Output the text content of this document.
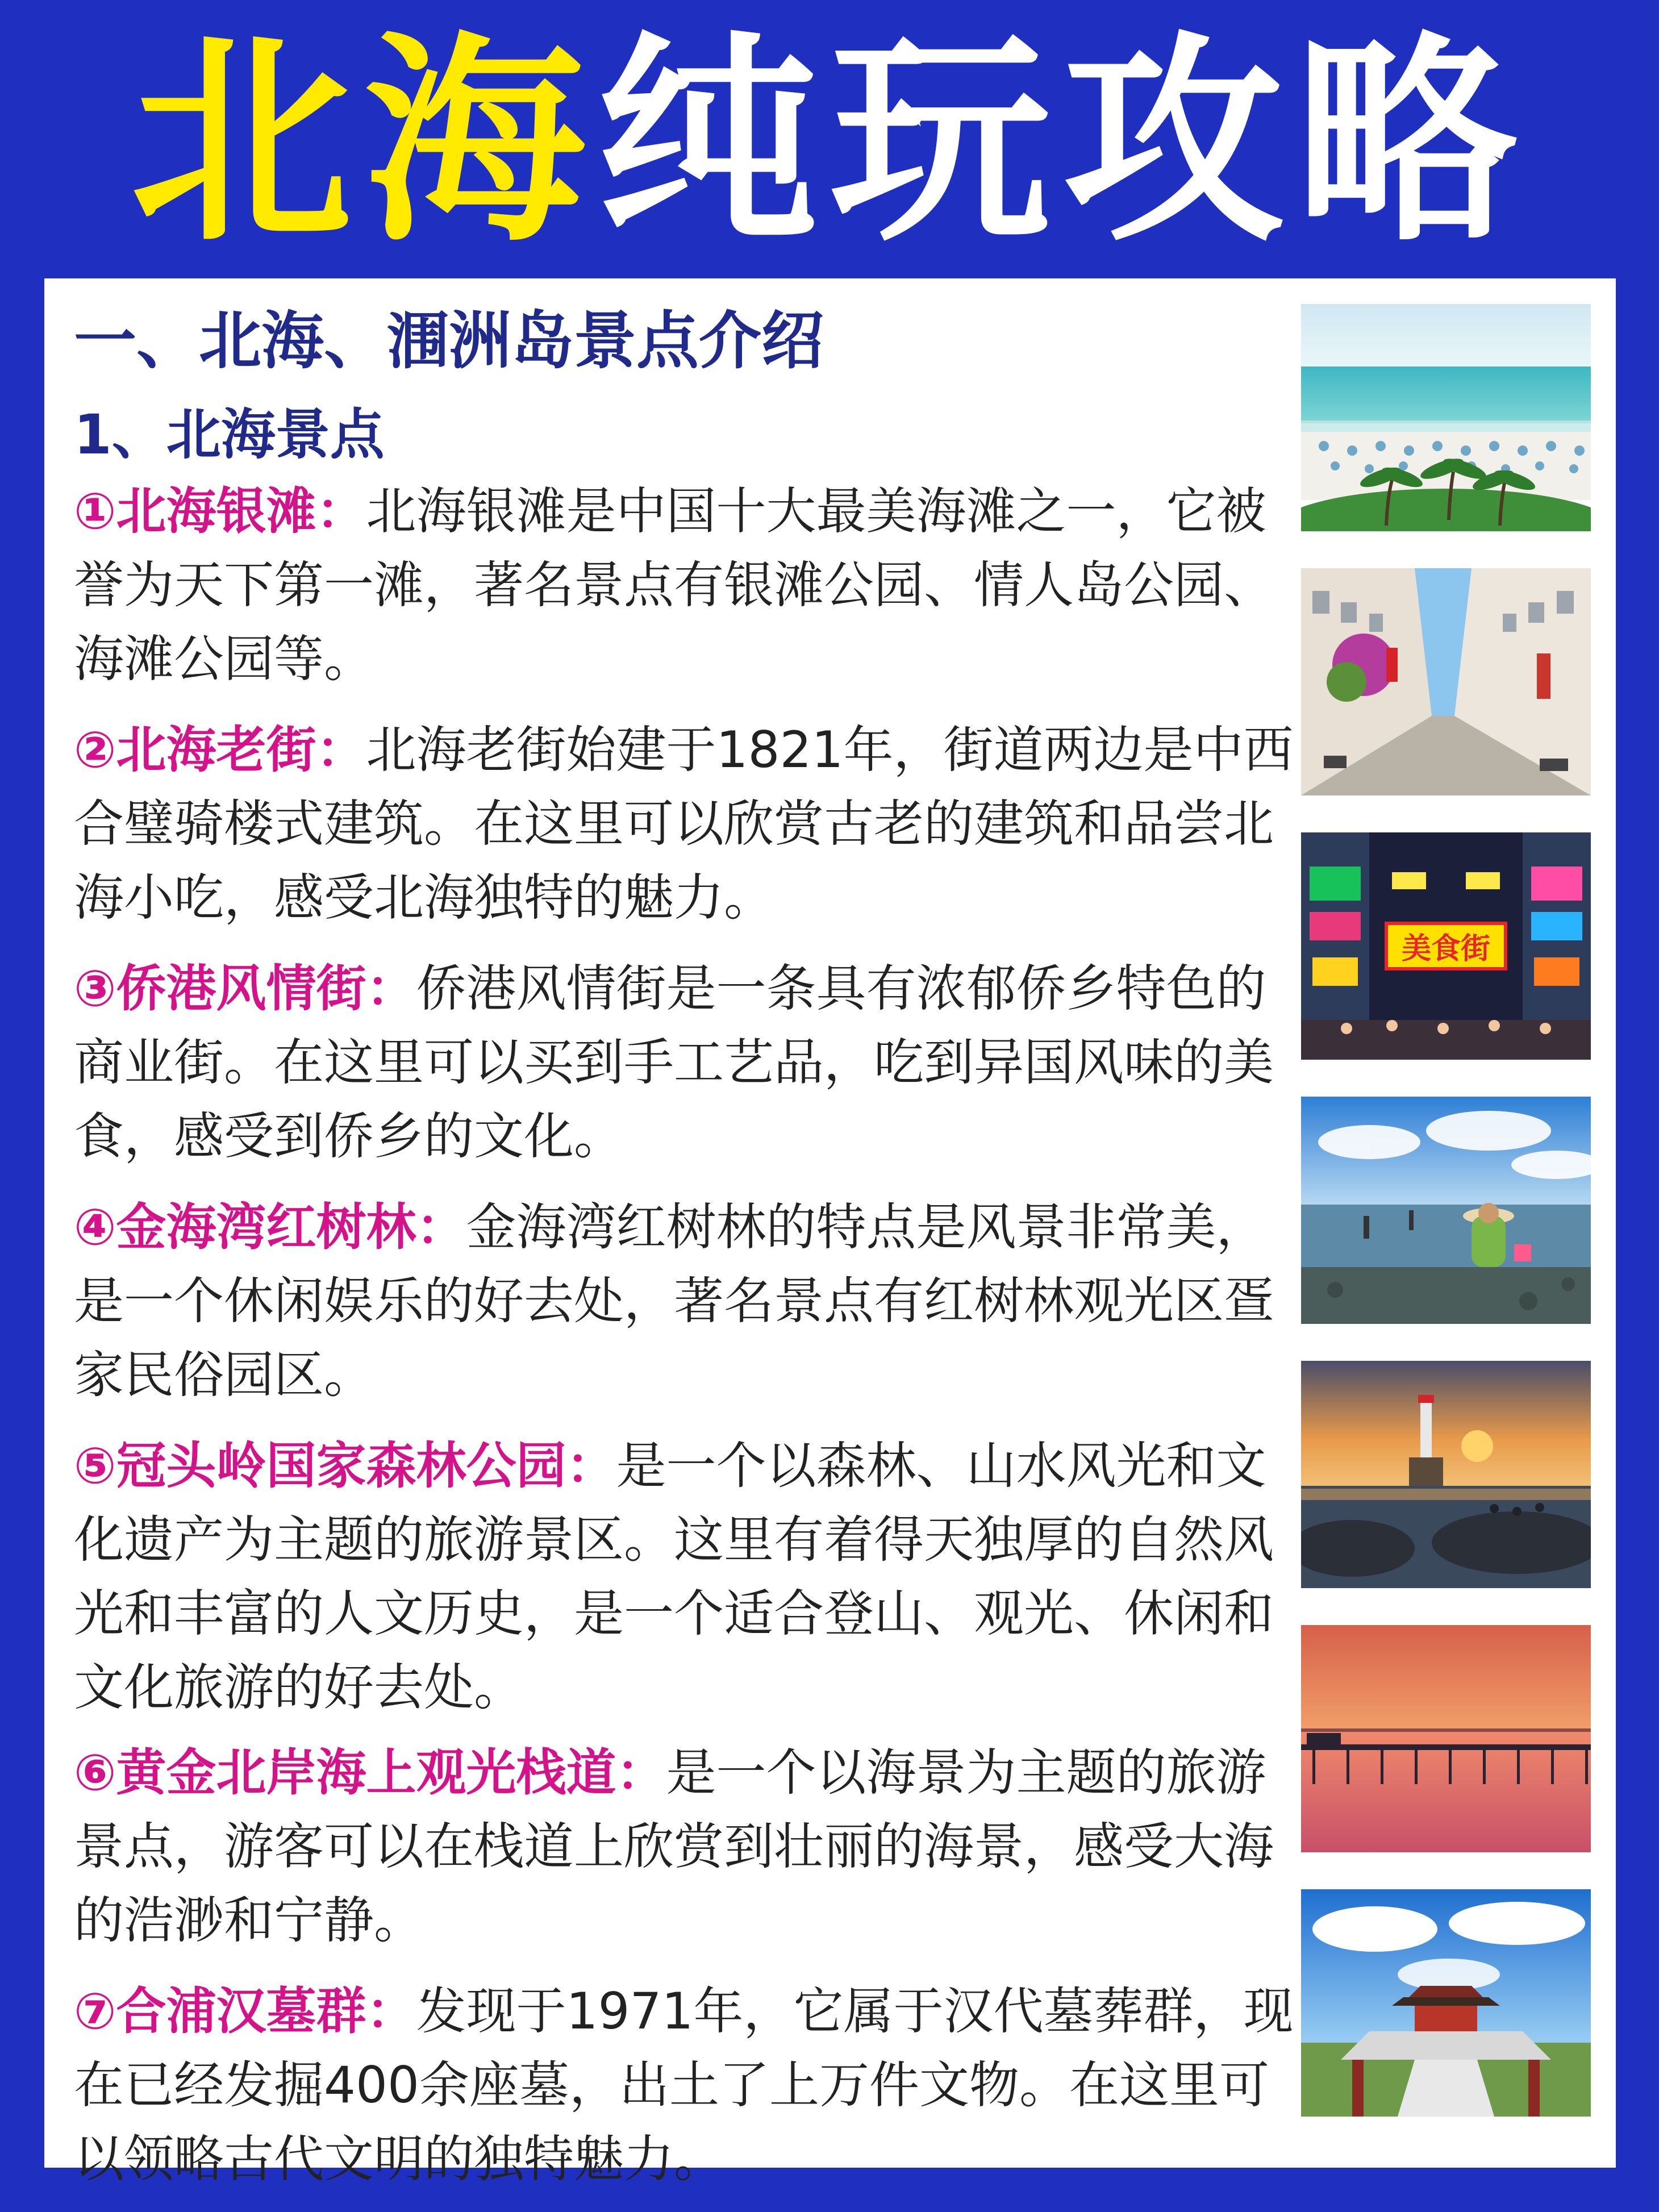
北海纯玩攻略
一、北海、涠洲岛景点介绍
1、北海景点
①北海银滩：北海银滩是中国十大最美海滩之一，它被誉为天下第一滩，著名景点有银滩公园、情人岛公园、海滩公园等。
②北海老街：北海老街始建于1821年，街道两边是中西合璧骑楼式建筑。在这里可以欣赏古老的建筑和品尝北海小吃，感受北海独特的魅力。
③侨港风情街：侨港风情街是一条具有浓郁侨乡特色的商业街。在这里可以买到手工艺品，吃到异国风味的美食，感受到侨乡的文化。
④金海湾红树林：金海湾红树林的特点是风景非常美，是一个休闲娱乐的好去处，著名景点有红树林观光区疍家民俗园区。
⑤冠头岭国家森林公园：是一个以森林、山水风光和文化遗产为主题的旅游景区。这里有着得天独厚的自然风光和丰富的人文历史，是一个适合登山、观光、休闲和文化旅游的好去处。
⑥黄金北岸海上观光栈道：是一个以海景为主题的旅游景点，游客可以在栈道上欣赏到壮丽的海景，感受大海的浩渺和宁静。
⑦合浦汉墓群：发现于1971年，它属于汉代墓葬群，现在已经发掘400余座墓，出土了上万件文物。在这里可以领略古代文明的独特魅力。
美食街
